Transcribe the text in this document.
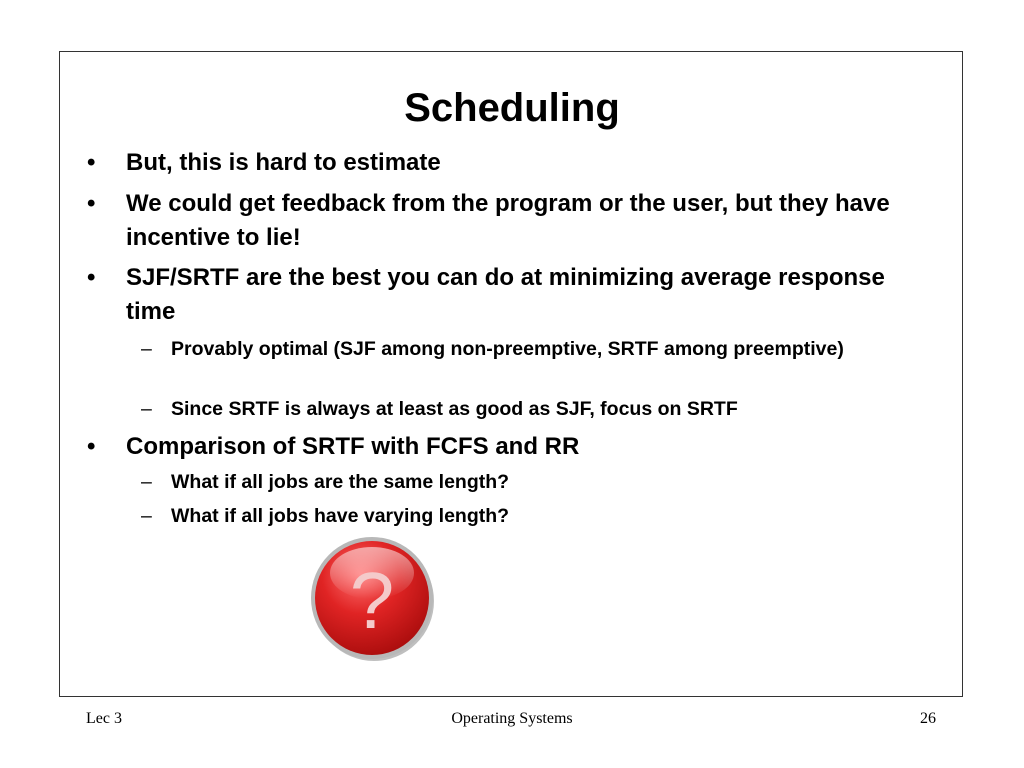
Scheduling
• But, this is hard to estimate
• We could get feedback from the program or the user, but they have incentive to lie!
• SJF/SRTF are the best you can do at minimizing average response time
– Provably optimal (SJF among non-preemptive, SRTF among preemptive)
– Since SRTF is always at least as good as SJF, focus on SRTF
• Comparison of SRTF with FCFS and RR
– What if all jobs are the same length?
– What if all jobs have varying length?
?
Lec 3	Operating Systems	26
